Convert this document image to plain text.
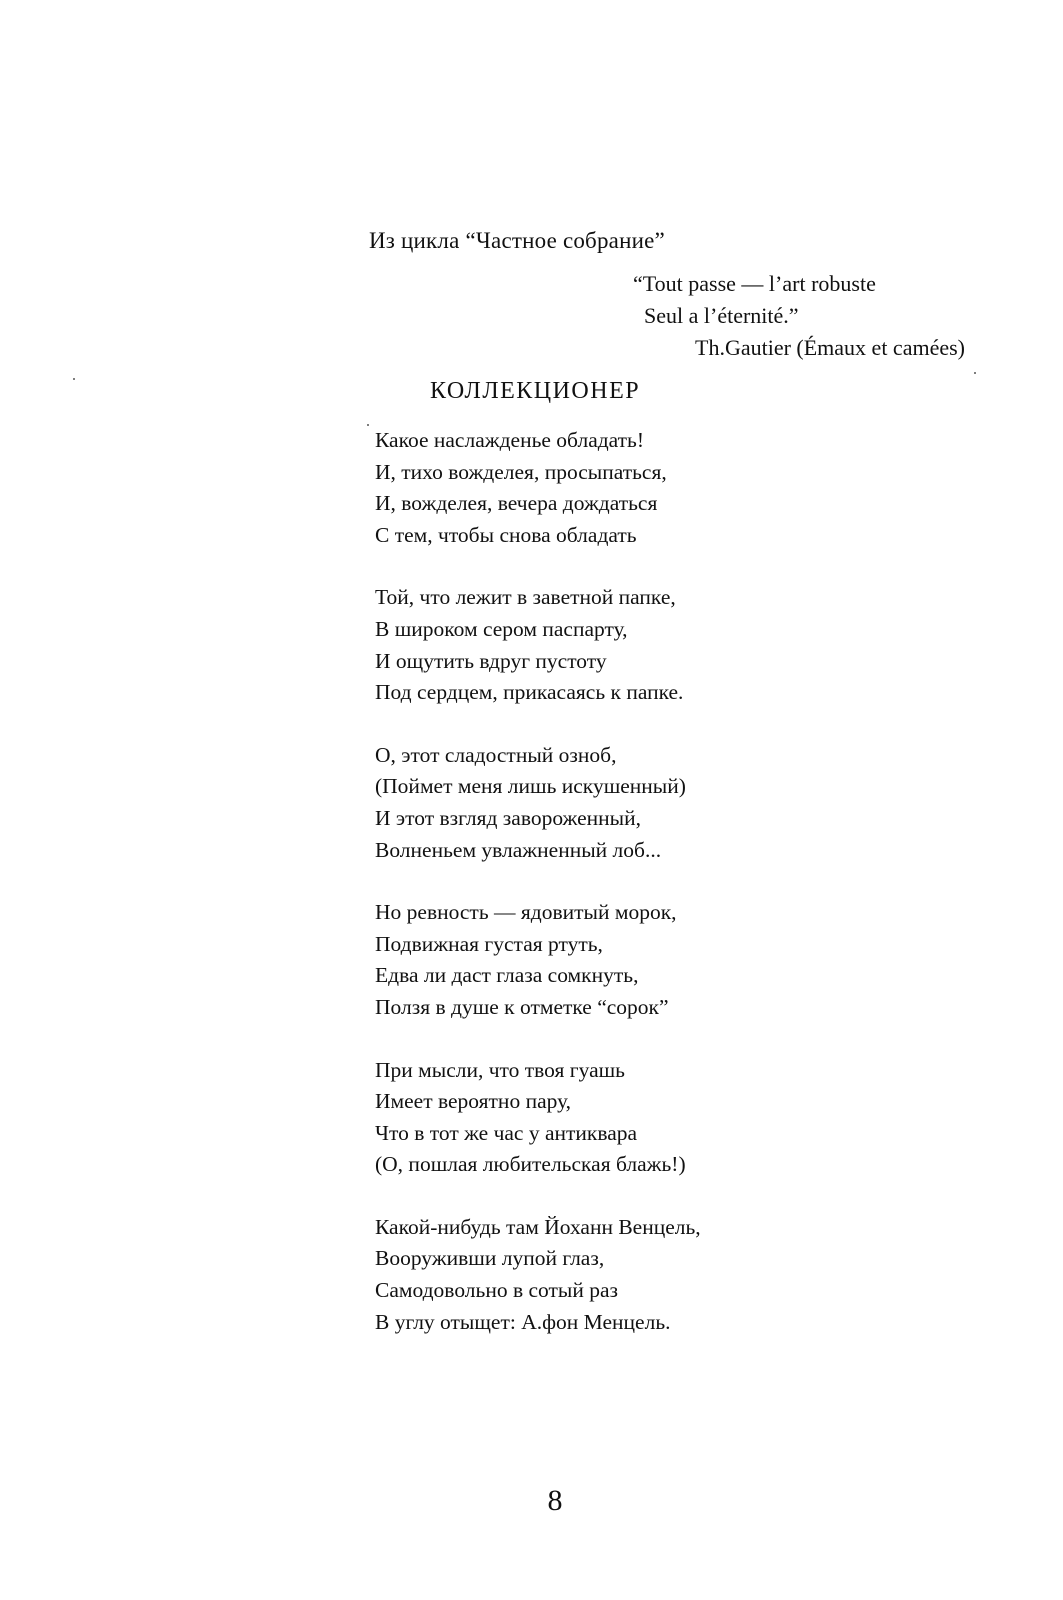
Из цикла “Частное собрание”
“Tout passe — l’art robuste
Seul a l’éternité.”
Th.Gautier (Émaux et camées)
КОЛЛЕКЦИОНЕР
Какое наслажденье обладать!
И, тихо вожделея, просыпаться,
И, вожделея, вечера дождаться
С тем, чтобы снова обладать
Той, что лежит в заветной папке,
В широком сером паспарту,
И ощутить вдруг пустоту
Под сердцем, прикасаясь к папке.
О, этот сладостный озноб,
(Поймет меня лишь искушенный)
И этот взгляд завороженный,
Волненьем увлажненный лоб...
Но ревность — ядовитый морок,
Подвижная густая ртуть,
Едва ли даст глаза сомкнуть,
Ползя в душе к отметке “сорок”
При мысли, что твоя гуашь
Имеет вероятно пару,
Что в тот же час у антиквара
(О, пошлая любительская блажь!)
Какой-нибудь там Йоханн Венцель,
Вооруживши лупой глаз,
Самодовольно в сотый раз
В углу отыщет: А.фон Менцель.
8
